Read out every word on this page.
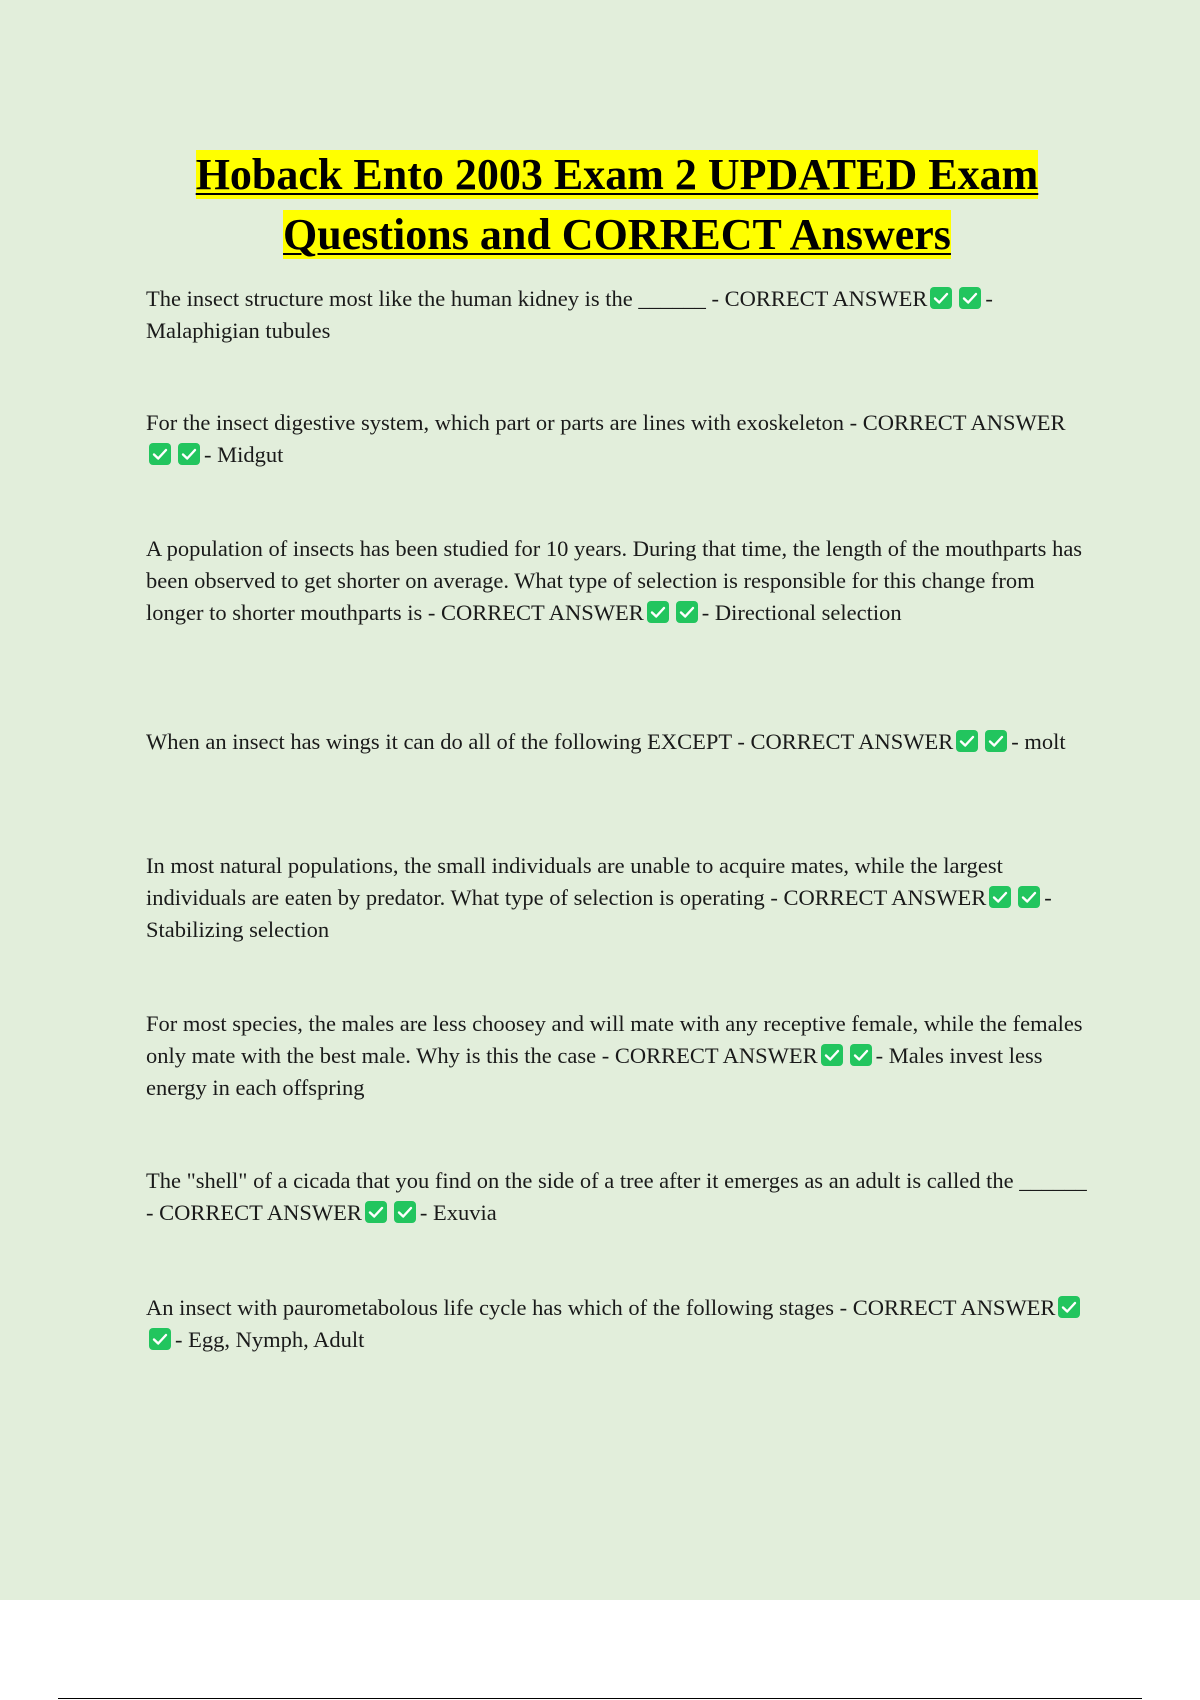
Hoback Ento 2003 Exam 2 UPDATED Exam
Questions and CORRECT Answers

The insect structure most like the human kidney is the ______ - CORRECT ANSWER	- Malaphigian tubules

For the insect digestive system, which part or parts are lines with exoskeleton - CORRECT ANSWER
- Midgut

A population of insects has been studied for 10 years. During that time, the length of the mouthparts has been observed to get shorter on average. What type of selection is responsible for this change from longer to shorter mouthparts is - CORRECT ANSWER	- Directional selection

When an insect has wings it can do all of the following EXCEPT - CORRECT ANSWER	- molt

In most natural populations, the small individuals are unable to acquire mates, while the largest individuals are eaten by predator. What type of selection is operating - CORRECT ANSWER	- Stabilizing selection

For most species, the males are less choosey and will mate with any receptive female, while the females only mate with the best male. Why is this the case - CORRECT ANSWER	- Males invest less energy in each offspring

The "shell" of a cicada that you find on the side of a tree after it emerges as an adult is called the ______ - CORRECT ANSWER	- Exuvia

An insect with paurometabolous life cycle has which of the following stages - CORRECT ANSWER
- Egg, Nymph, Adult
